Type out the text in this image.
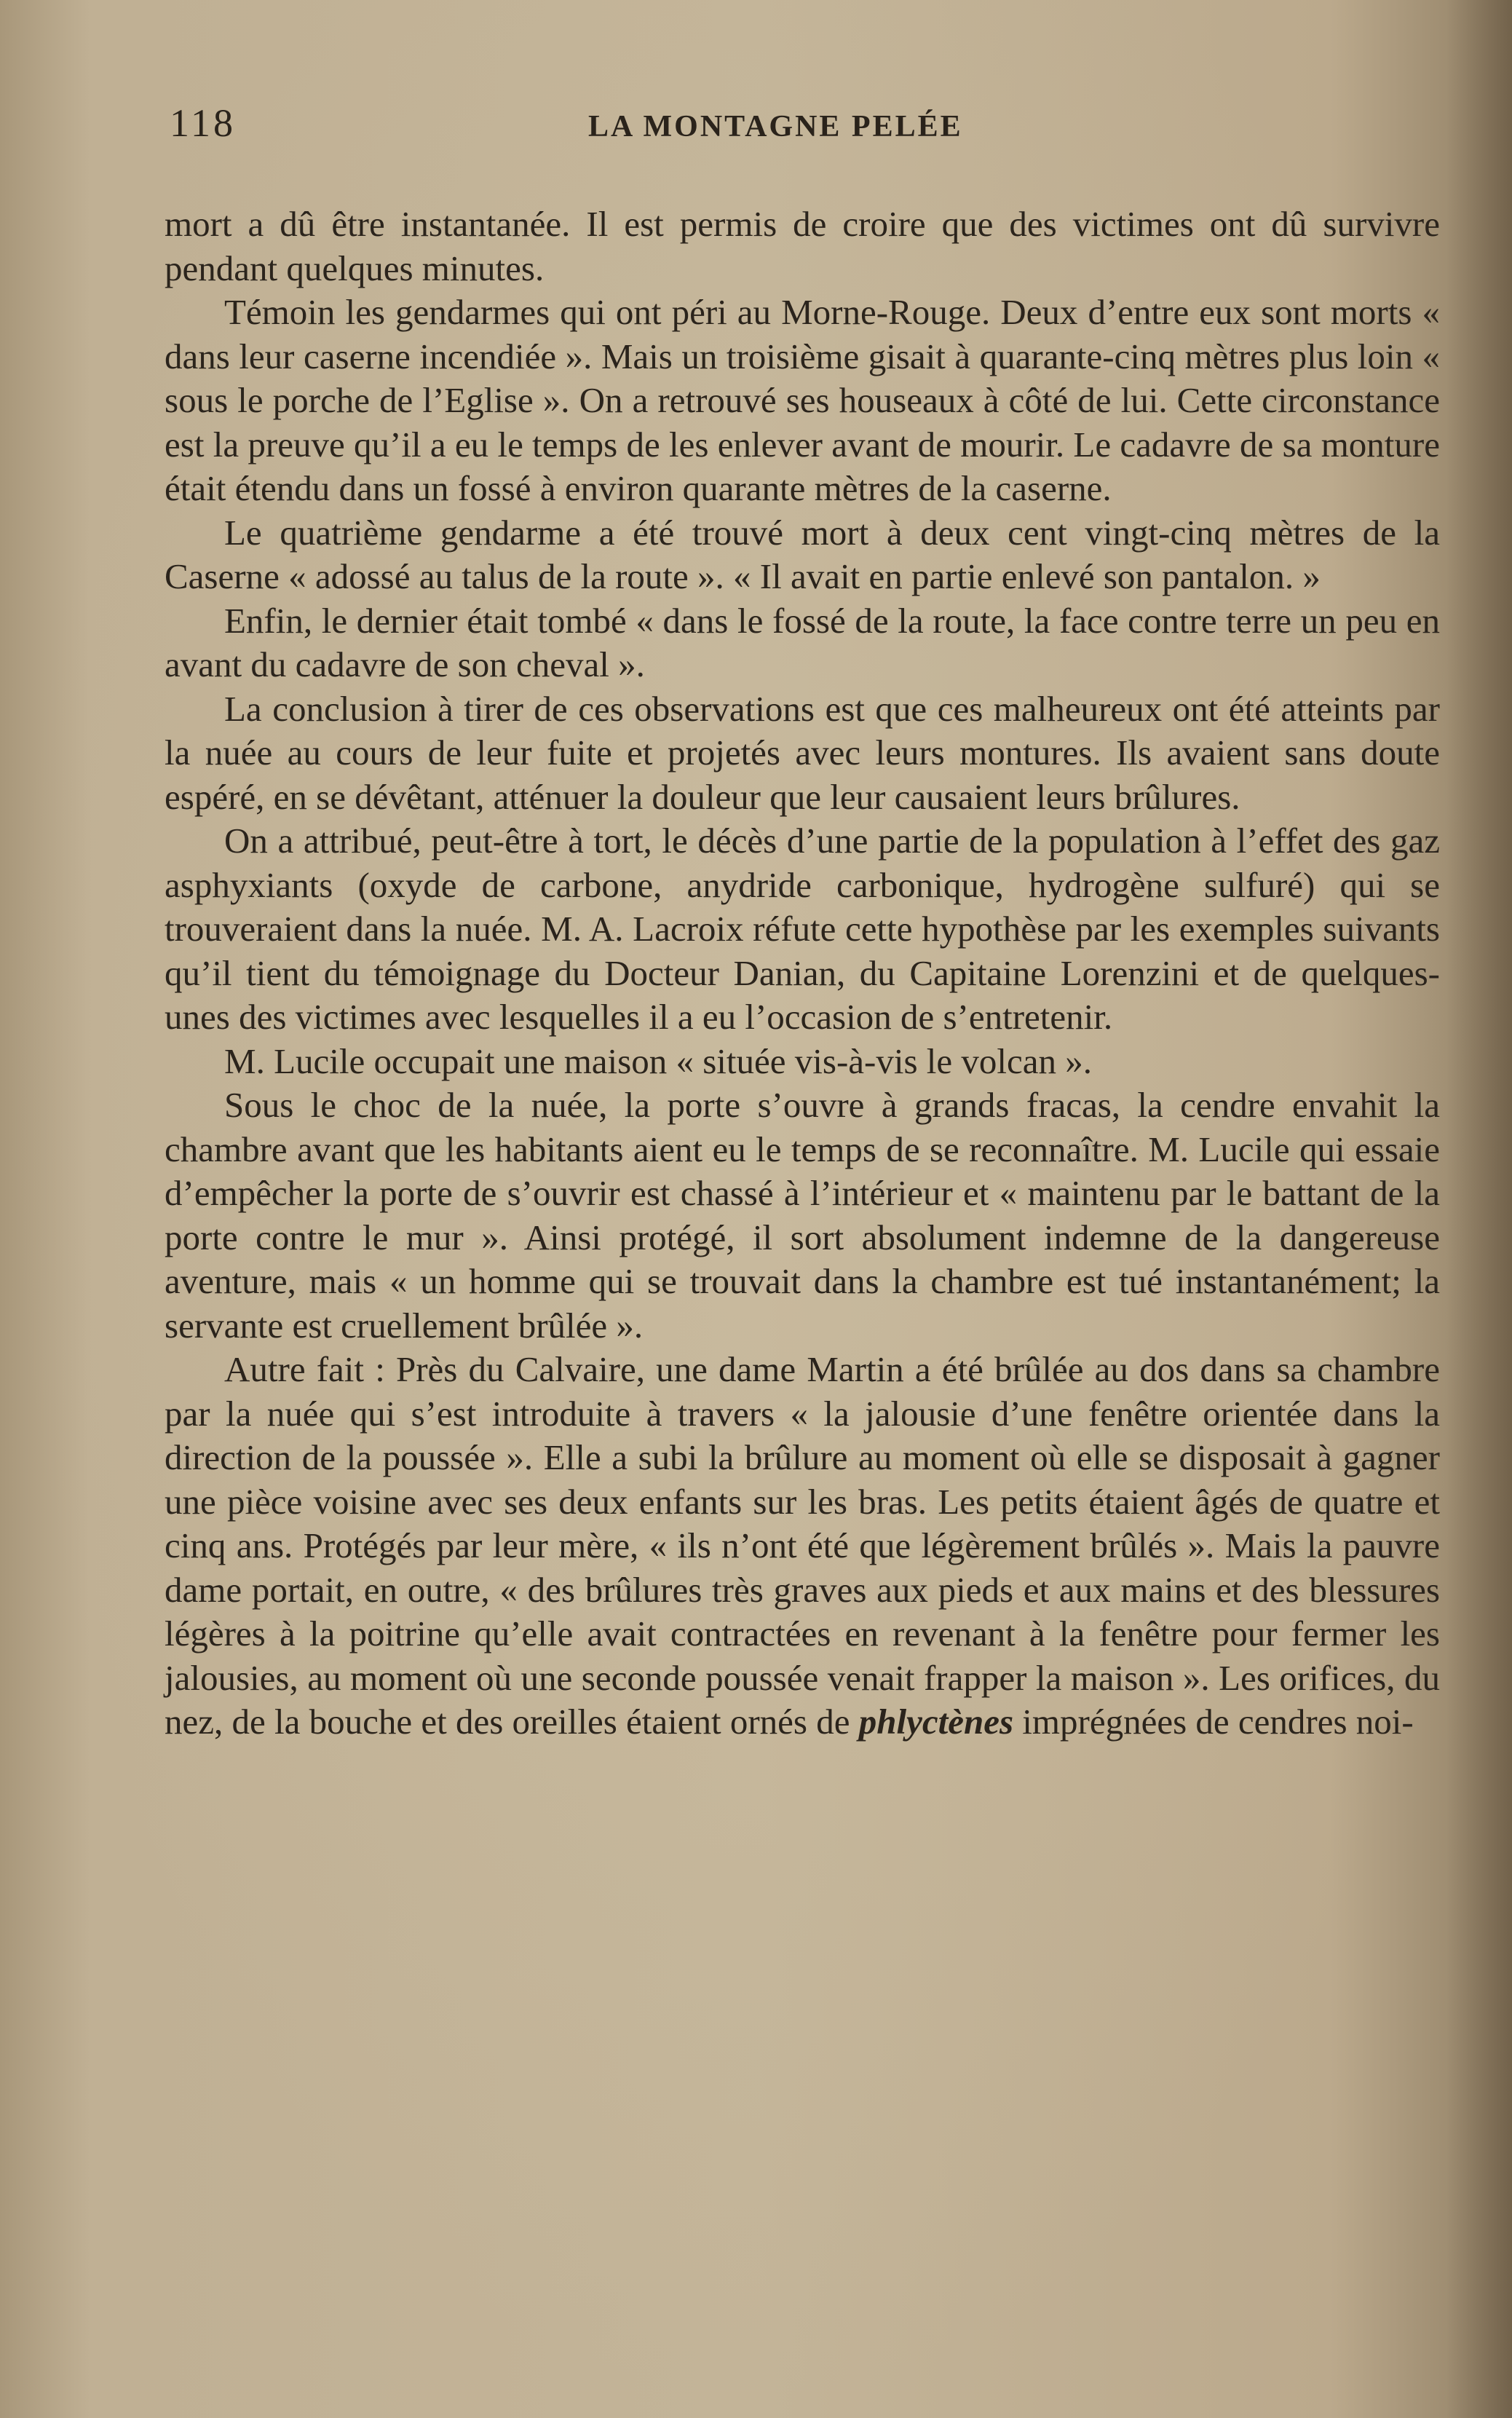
118	LA MONTAGNE PELÉE

mort a dû être instantanée. Il est permis de croire que des victimes ont dû survivre pendant quelques minutes.

Témoin les gendarmes qui ont péri au Morne-Rouge. Deux d’entre eux sont morts « dans leur caserne incendiée ». Mais un troisième gisait à quarante-cinq mètres plus loin « sous le porche de l’Eglise ». On a retrouvé ses houseaux à côté de lui. Cette circonstance est la preuve qu’il a eu le temps de les enlever avant de mourir. Le cadavre de sa monture était étendu dans un fossé à environ quarante mètres de la caserne.

Le quatrième gendarme a été trouvé mort à deux cent vingt-cinq mètres de la Caserne « adossé au talus de la route ». « Il avait en partie enlevé son pantalon. »

Enfin, le dernier était tombé « dans le fossé de la route, la face contre terre un peu en avant du cadavre de son cheval ».

La conclusion à tirer de ces observations est que ces malheureux ont été atteints par la nuée au cours de leur fuite et projetés avec leurs montures. Ils avaient sans doute espéré, en se dévêtant, atténuer la douleur que leur causaient leurs brûlures.

On a attribué, peut-être à tort, le décès d’une partie de la population à l’effet des gaz asphyxiants (oxyde de carbone, anydride carbonique, hydrogène sulfuré) qui se trouveraient dans la nuée. M. A. Lacroix réfute cette hypothèse par les exemples suivants qu’il tient du témoignage du Docteur Danian, du Capitaine Lorenzini et de quelques-unes des victimes avec lesquelles il a eu l’occasion de s’entretenir.

M. Lucile occupait une maison « située vis-à-vis le volcan ».

Sous le choc de la nuée, la porte s’ouvre à grands fracas, la cendre envahit la chambre avant que les habitants aient eu le temps de se reconnaître. M. Lucile qui essaie d’empêcher la porte de s’ouvrir est chassé à l’intérieur et « maintenu par le battant de la porte contre le mur ». Ainsi protégé, il sort absolument indemne de la dangereuse aventure, mais « un homme qui se trouvait dans la chambre est tué instantanément; la servante est cruellement brûlée ».

Autre fait : Près du Calvaire, une dame Martin a été brûlée au dos dans sa chambre par la nuée qui s’est introduite à travers « la jalousie d’une fenêtre orientée dans la direction de la poussée ». Elle a subi la brûlure au moment où elle se disposait à gagner une pièce voisine avec ses deux enfants sur les bras. Les petits étaient âgés de quatre et cinq ans. Protégés par leur mère, « ils n’ont été que légèrement brûlés ». Mais la pauvre dame portait, en outre, « des brûlures très graves aux pieds et aux mains et des blessures légères à la poitrine qu’elle avait contractées en revenant à la fenêtre pour fermer les jalousies, au moment où une seconde poussée venait frapper la maison ». Les orifices, du nez, de la bouche et des oreilles étaient ornés de phlyctènes imprégnées de cendres noi-
